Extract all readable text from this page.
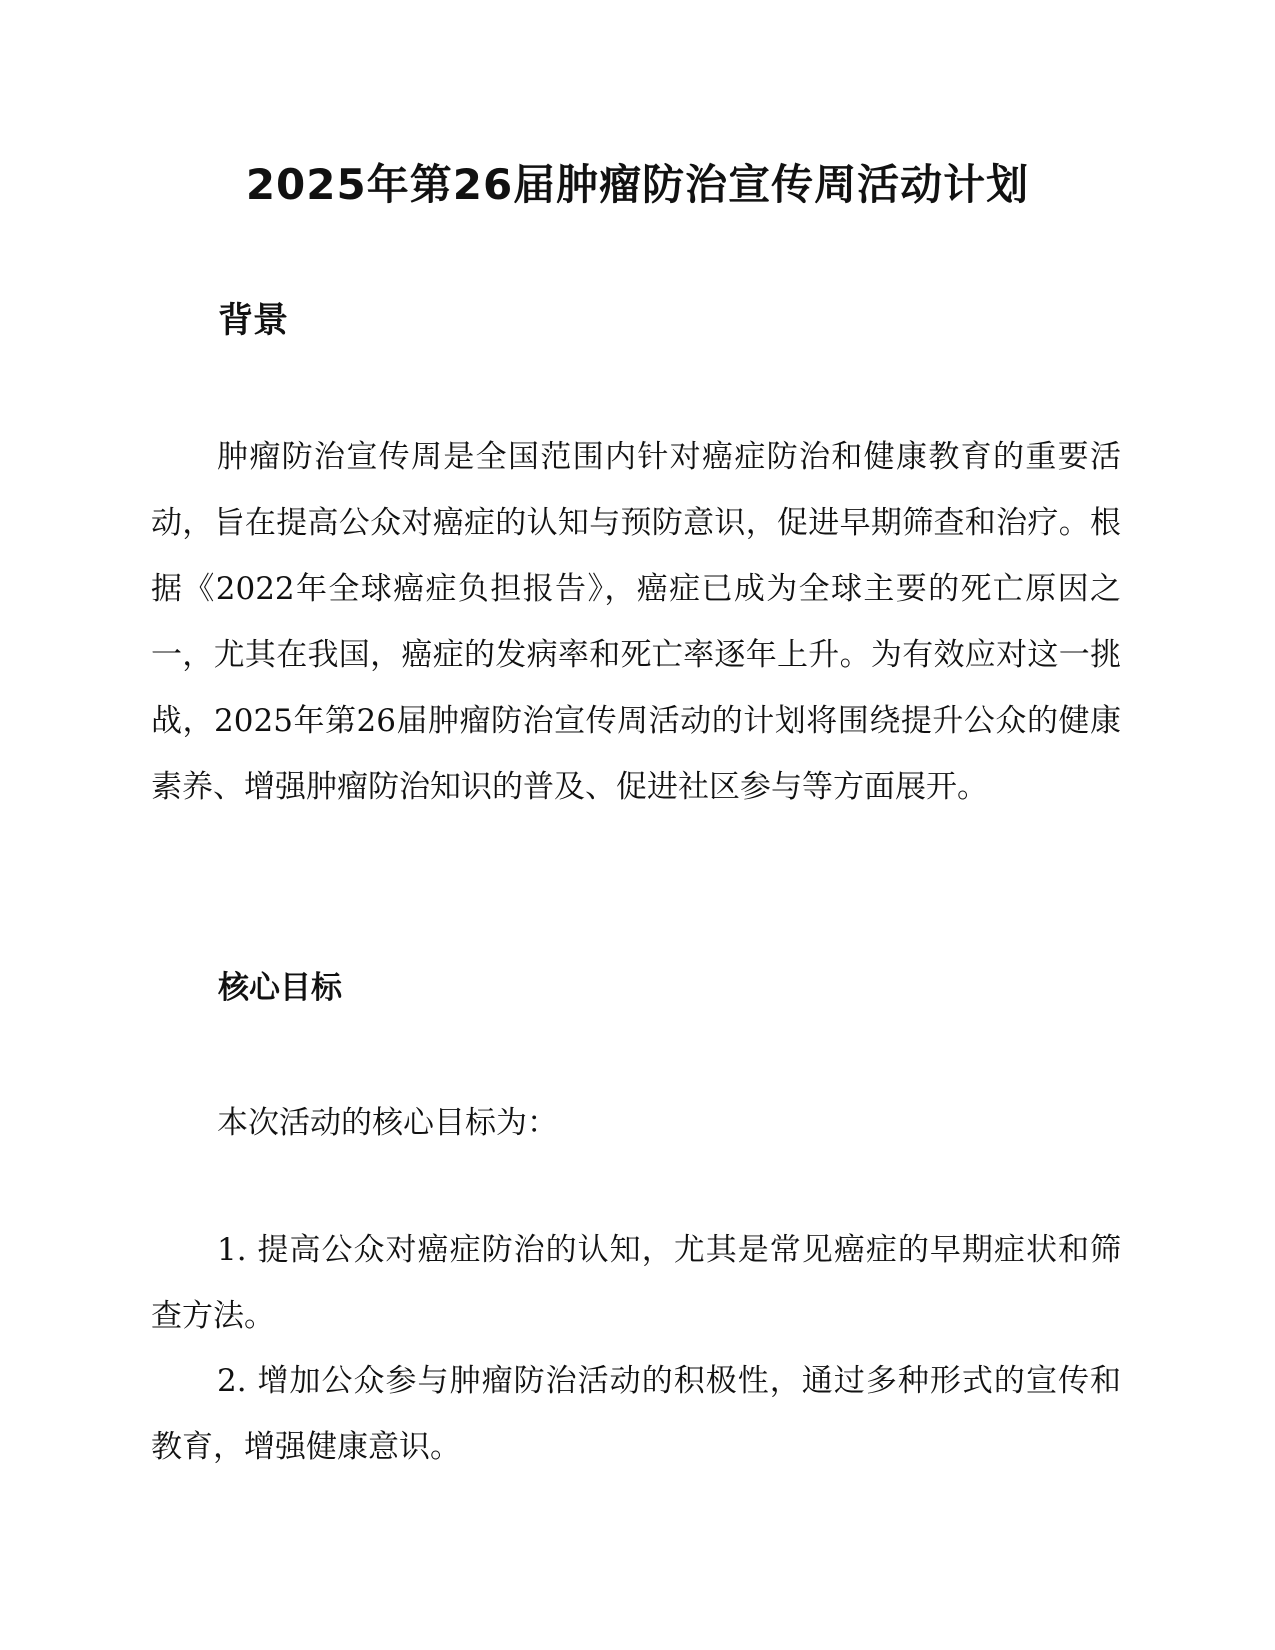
2025年第26届肿瘤防治宣传周活动计划
背景

肿瘤防治宣传周是全国范围内针对癌症防治和健康教育的重要活动，旨在提高公众对癌症的认知与预防意识，促进早期筛查和治疗。根据《2022年全球癌症负担报告》，癌症已成为全球主要的死亡原因之一，尤其在我国，癌症的发病率和死亡率逐年上升。为有效应对这一挑战，2025年第26届肿瘤防治宣传周活动的计划将围绕提升公众的健康素养、增强肿瘤防治知识的普及、促进社区参与等方面展开。

核心目标

本次活动的核心目标为：

1. 提高公众对癌症防治的认知，尤其是常见癌症的早期症状和筛查方法。

2. 增加公众参与肿瘤防治活动的积极性，通过多种形式的宣传和教育，增强健康意识。
